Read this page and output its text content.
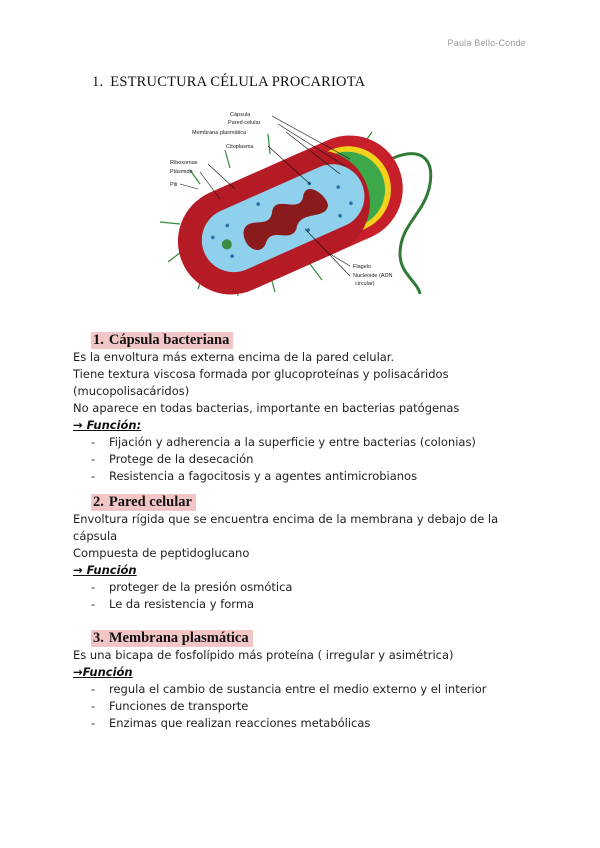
Paula Bello-Conde
1. ESTRUCTURA CÉLULA PROCARIOTA
Cápsula
Pared celular
Membrana plasmática
Citoplasma
Ribosomas
Plásmido
Pili
Flagelo
Nucleoide (ADN
circular)
1. Cápsula bacteriana
Es la envoltura más externa encima de la pared celular.
Tiene textura viscosa formada por glucoproteínas y polisacáridos
(mucopolisacáridos)
No aparece en todas bacterias, importante en bacterias patógenas
→ Función:
- Fijación y adherencia a la superficie y entre bacterias (colonias)
- Protege de la desecación
- Resistencia a fagocitosis y a agentes antimicrobianos
2. Pared celular
Envoltura rígida que se encuentra encima de la membrana y debajo de la
cápsula
Compuesta de peptidoglucano
→ Función
- proteger de la presión osmótica
- Le da resistencia y forma
3. Membrana plasmática
Es una bicapa de fosfolípido más proteína ( irregular y asimétrica)
→Función
- regula el cambio de sustancia entre el medio externo y el interior
- Funciones de transporte
- Enzimas que realizan reacciones metabólicas
